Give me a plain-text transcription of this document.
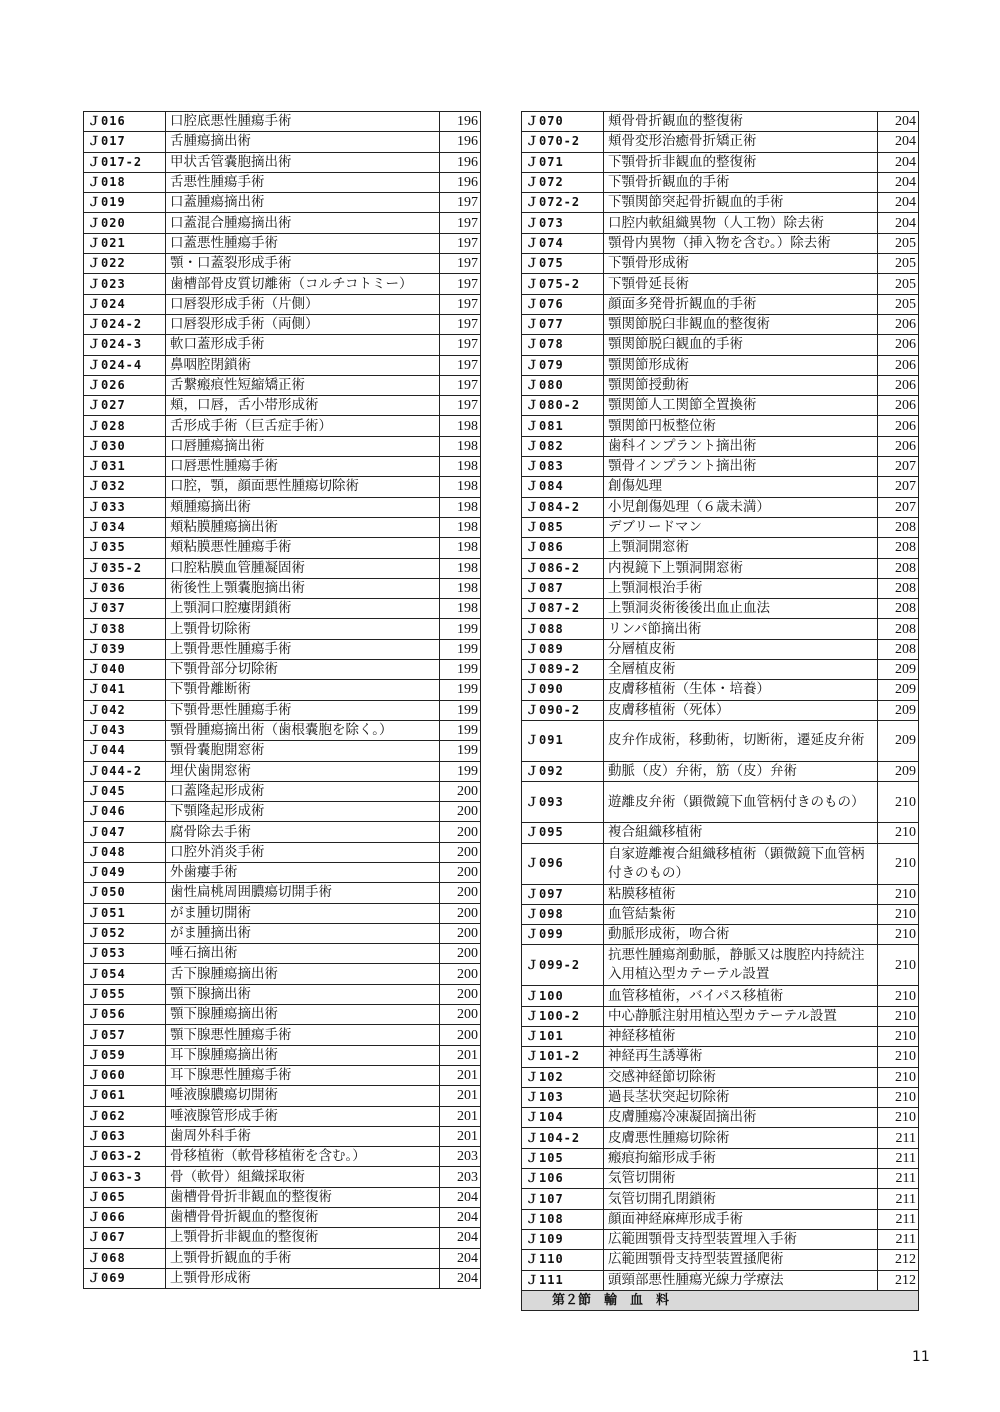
Ｊ016	口腔底悪性腫瘍手術	196
Ｊ017	舌腫瘍摘出術	196
Ｊ017-2	甲状舌管嚢胞摘出術	196
Ｊ018	舌悪性腫瘍手術	196
Ｊ019	口蓋腫瘍摘出術	197
Ｊ020	口蓋混合腫瘍摘出術	197
Ｊ021	口蓋悪性腫瘍手術	197
Ｊ022	顎・口蓋裂形成手術	197
Ｊ023	歯槽部骨皮質切離術（コルチコトミー）	197
Ｊ024	口唇裂形成手術（片側）	197
Ｊ024-2	口唇裂形成手術（両側）	197
Ｊ024-3	軟口蓋形成手術	197
Ｊ024-4	鼻咽腔閉鎖術	197
Ｊ026	舌繋瘢痕性短縮矯正術	197
Ｊ027	頬，口唇，舌小帯形成術	197
Ｊ028	舌形成手術（巨舌症手術）	198
Ｊ030	口唇腫瘍摘出術	198
Ｊ031	口唇悪性腫瘍手術	198
Ｊ032	口腔，顎，顔面悪性腫瘍切除術	198
Ｊ033	頬腫瘍摘出術	198
Ｊ034	頬粘膜腫瘍摘出術	198
Ｊ035	頬粘膜悪性腫瘍手術	198
Ｊ035-2	口腔粘膜血管腫凝固術	198
Ｊ036	術後性上顎嚢胞摘出術	198
Ｊ037	上顎洞口腔瘻閉鎖術	198
Ｊ038	上顎骨切除術	199
Ｊ039	上顎骨悪性腫瘍手術	199
Ｊ040	下顎骨部分切除術	199
Ｊ041	下顎骨離断術	199
Ｊ042	下顎骨悪性腫瘍手術	199
Ｊ043	顎骨腫瘍摘出術（歯根嚢胞を除く。）	199
Ｊ044	顎骨嚢胞開窓術	199
Ｊ044-2	埋伏歯開窓術	199
Ｊ045	口蓋隆起形成術	200
Ｊ046	下顎隆起形成術	200
Ｊ047	腐骨除去手術	200
Ｊ048	口腔外消炎手術	200
Ｊ049	外歯瘻手術	200
Ｊ050	歯性扁桃周囲膿瘍切開手術	200
Ｊ051	がま腫切開術	200
Ｊ052	がま腫摘出術	200
Ｊ053	唾石摘出術	200
Ｊ054	舌下腺腫瘍摘出術	200
Ｊ055	顎下腺摘出術	200
Ｊ056	顎下腺腫瘍摘出術	200
Ｊ057	顎下腺悪性腫瘍手術	200
Ｊ059	耳下腺腫瘍摘出術	201
Ｊ060	耳下腺悪性腫瘍手術	201
Ｊ061	唾液腺膿瘍切開術	201
Ｊ062	唾液腺管形成手術	201
Ｊ063	歯周外科手術	201
Ｊ063-2	骨移植術（軟骨移植術を含む。）	203
Ｊ063-3	骨（軟骨）組織採取術	203
Ｊ065	歯槽骨骨折非観血的整復術	204
Ｊ066	歯槽骨骨折観血的整復術	204
Ｊ067	上顎骨折非観血的整復術	204
Ｊ068	上顎骨折観血的手術	204
Ｊ069	上顎骨形成術	204
Ｊ070	頬骨骨折観血的整復術	204
Ｊ070-2	頬骨変形治癒骨折矯正術	204
Ｊ071	下顎骨折非観血的整復術	204
Ｊ072	下顎骨折観血的手術	204
Ｊ072-2	下顎関節突起骨折観血的手術	204
Ｊ073	口腔内軟組織異物（人工物）除去術	204
Ｊ074	顎骨内異物（挿入物を含む。）除去術	205
Ｊ075	下顎骨形成術	205
Ｊ075-2	下顎骨延長術	205
Ｊ076	顔面多発骨折観血的手術	205
Ｊ077	顎関節脱臼非観血的整復術	206
Ｊ078	顎関節脱臼観血的手術	206
Ｊ079	顎関節形成術	206
Ｊ080	顎関節授動術	206
Ｊ080-2	顎関節人工関節全置換術	206
Ｊ081	顎関節円板整位術	206
Ｊ082	歯科インプラント摘出術	206
Ｊ083	顎骨インプラント摘出術	207
Ｊ084	創傷処理	207
Ｊ084-2	小児創傷処理（６歳未満）	207
Ｊ085	デブリードマン	208
Ｊ086	上顎洞開窓術	208
Ｊ086-2	内視鏡下上顎洞開窓術	208
Ｊ087	上顎洞根治手術	208
Ｊ087-2	上顎洞炎術後後出血止血法	208
Ｊ088	リンパ節摘出術	208
Ｊ089	分層植皮術	208
Ｊ089-2	全層植皮術	209
Ｊ090	皮膚移植術（生体・培養）	209
Ｊ090-2	皮膚移植術（死体）	209
Ｊ091	皮弁作成術，移動術，切断術，遷延皮弁術	209
Ｊ092	動脈（皮）弁術，筋（皮）弁術	209
Ｊ093	遊離皮弁術（顕微鏡下血管柄付きのもの）	210
Ｊ095	複合組織移植術	210
Ｊ096	自家遊離複合組織移植術（顕微鏡下血管柄付きのもの）	210
Ｊ097	粘膜移植術	210
Ｊ098	血管結紮術	210
Ｊ099	動脈形成術，吻合術	210
Ｊ099-2	抗悪性腫瘍剤動脈，静脈又は腹腔内持続注入用植込型カテーテル設置	210
Ｊ100	血管移植術，バイパス移植術	210
Ｊ100-2	中心静脈注射用植込型カテーテル設置	210
Ｊ101	神経移植術	210
Ｊ101-2	神経再生誘導術	210
Ｊ102	交感神経節切除術	210
Ｊ103	過長茎状突起切除術	210
Ｊ104	皮膚腫瘍冷凍凝固摘出術	210
Ｊ104-2	皮膚悪性腫瘍切除術	211
Ｊ105	瘢痕拘縮形成手術	211
Ｊ106	気管切開術	211
Ｊ107	気管切開孔閉鎖術	211
Ｊ108	顔面神経麻痺形成手術	211
Ｊ109	広範囲顎骨支持型装置埋入手術	211
Ｊ110	広範囲顎骨支持型装置掻爬術	212
Ｊ111	頭頸部悪性腫瘍光線力学療法	212
第２節　輸　血　料		
11
